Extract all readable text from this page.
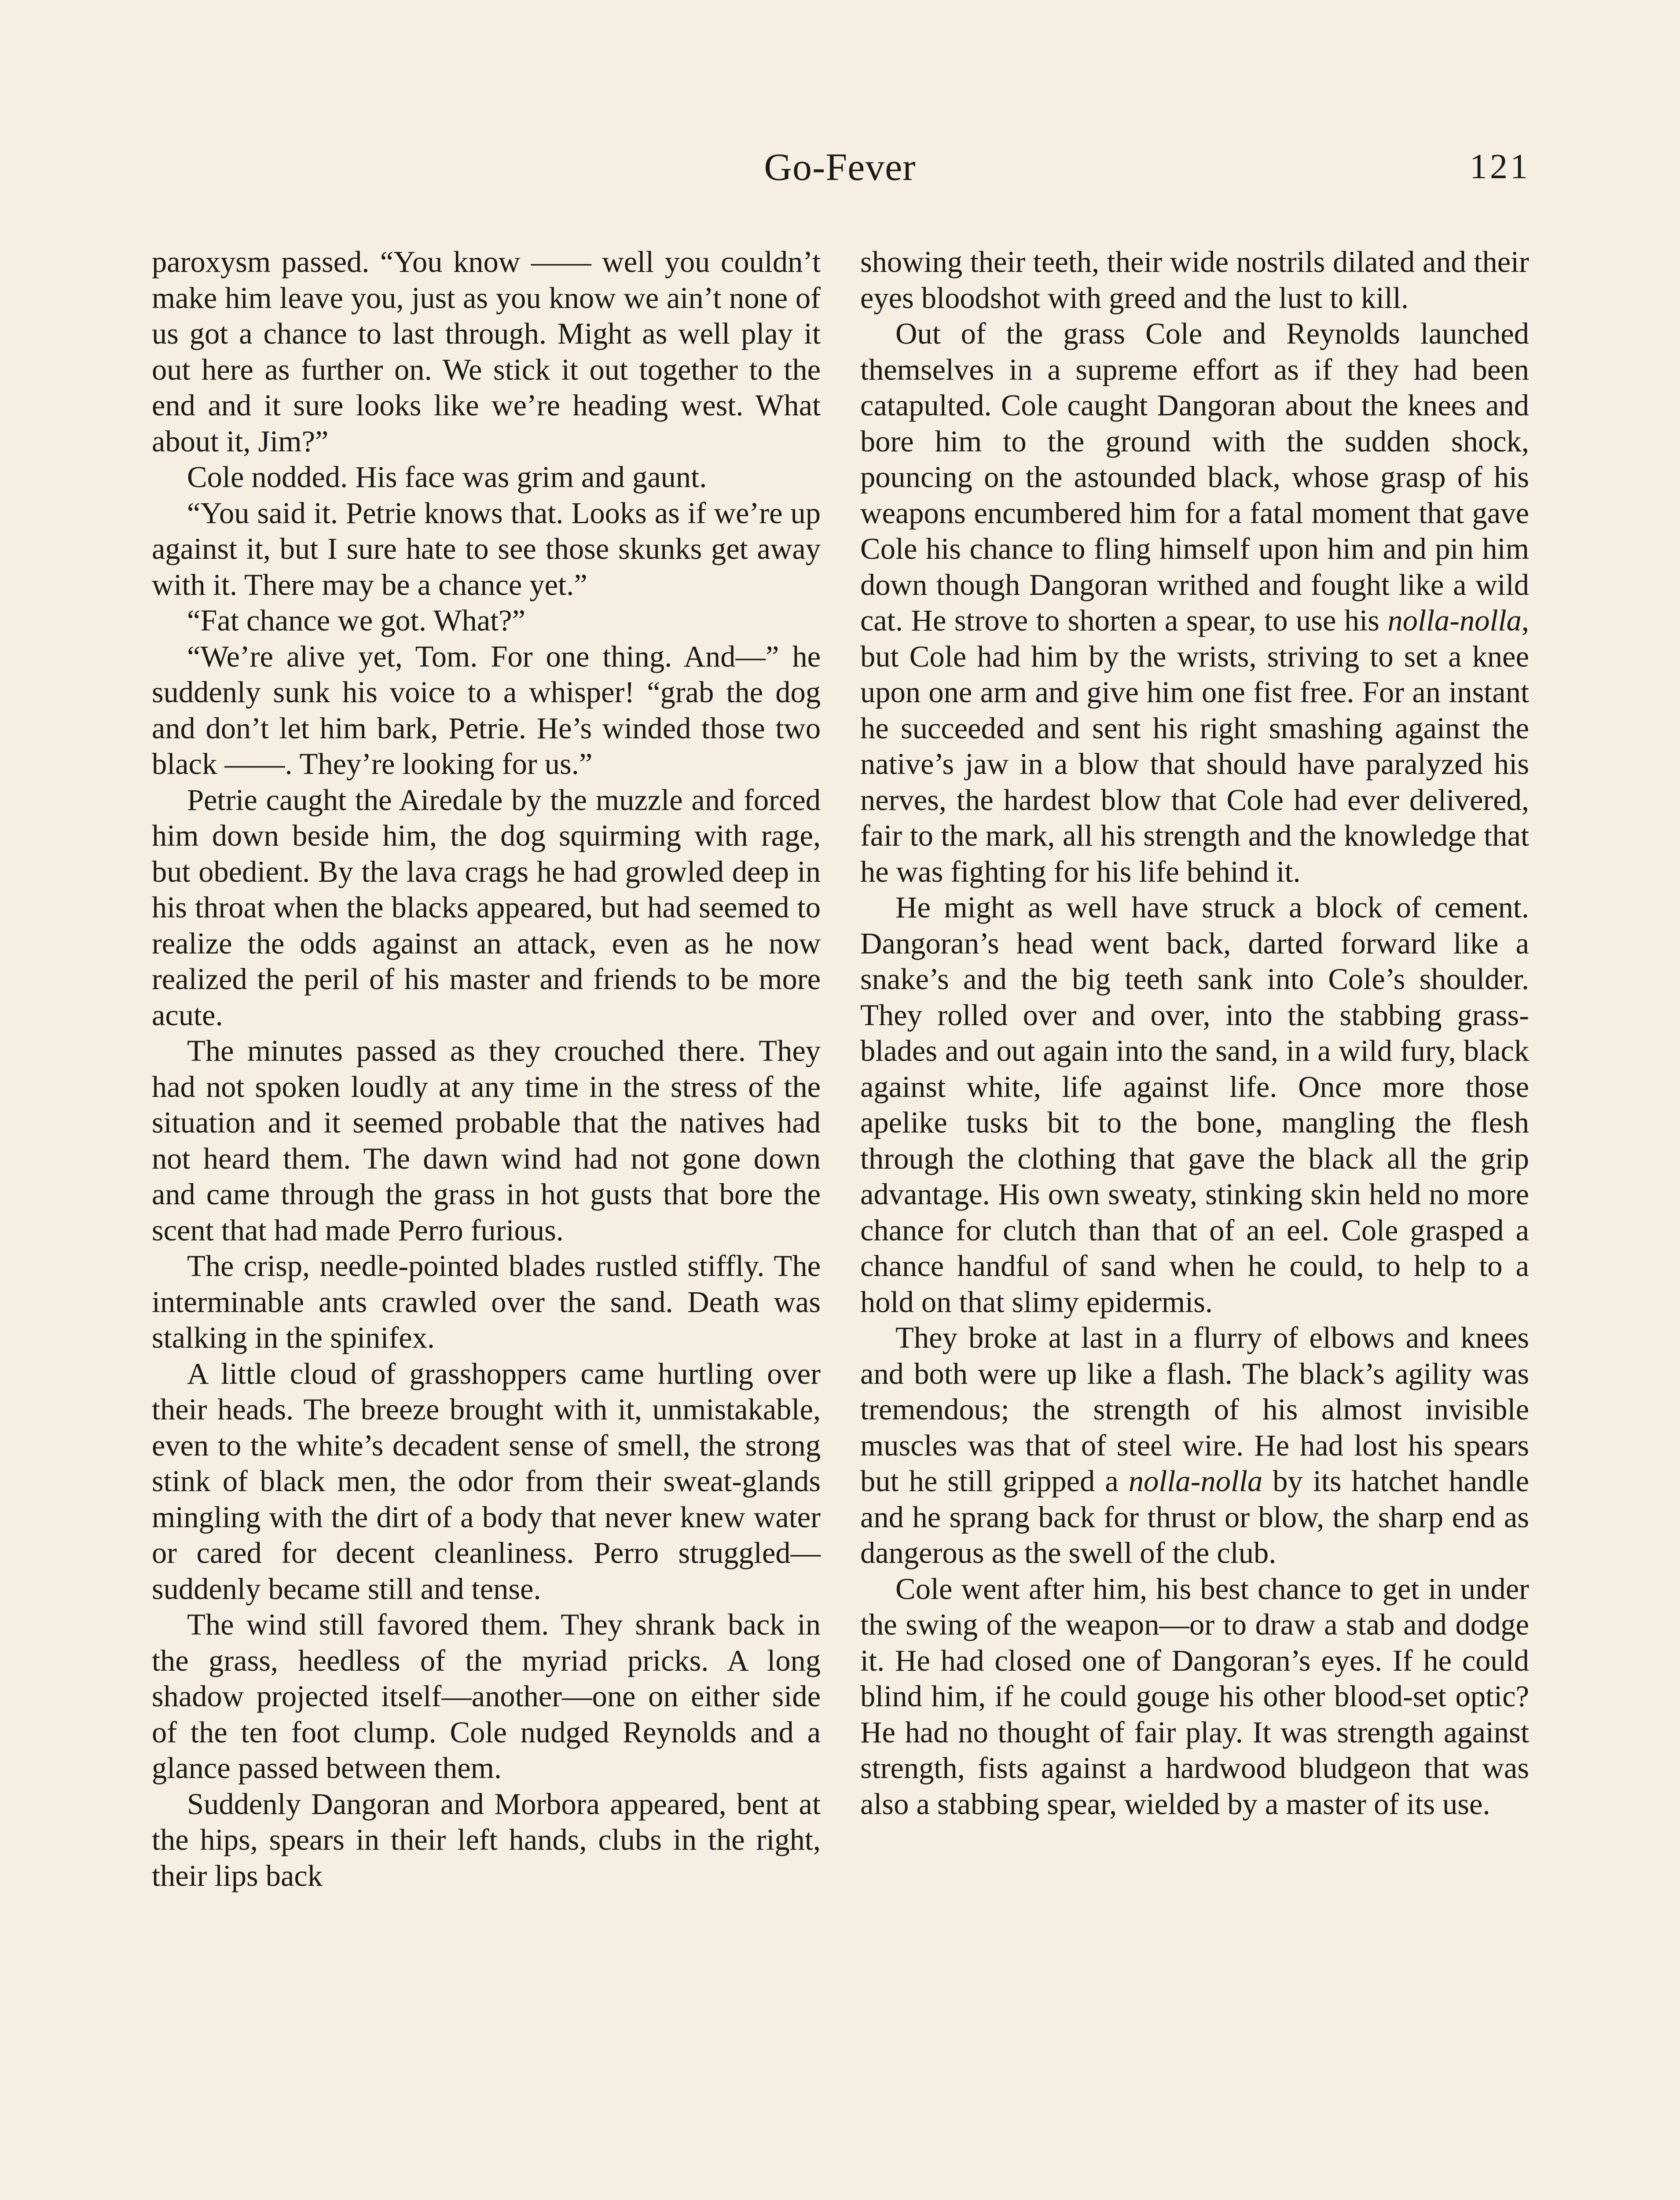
Go-Fever	121

paroxysm passed. “You know —— well you couldn’t make him leave you, just as you know we ain’t none of us got a chance to last through. Might as well play it out here as further on. We stick it out together to the end and it sure looks like we’re heading west. What about it, Jim?”

Cole nodded. His face was grim and gaunt.

“You said it. Petrie knows that. Looks as if we’re up against it, but I sure hate to see those skunks get away with it. There may be a chance yet.”

“Fat chance we got. What?”

“We’re alive yet, Tom. For one thing. And—” he suddenly sunk his voice to a whisper! “grab the dog and don’t let him bark, Petrie. He’s winded those two black ——. They’re looking for us.”

Petrie caught the Airedale by the muzzle and forced him down beside him, the dog squirming with rage, but obedient. By the lava crags he had growled deep in his throat when the blacks appeared, but had seemed to realize the odds against an attack, even as he now realized the peril of his master and friends to be more acute.

The minutes passed as they crouched there. They had not spoken loudly at any time in the stress of the situation and it seemed probable that the natives had not heard them. The dawn wind had not gone down and came through the grass in hot gusts that bore the scent that had made Perro furious.

The crisp, needle-pointed blades rustled stiffly. The interminable ants crawled over the sand. Death was stalking in the spinifex.

A little cloud of grasshoppers came hurtling over their heads. The breeze brought with it, unmistakable, even to the white’s decadent sense of smell, the strong stink of black men, the odor from their sweat-glands mingling with the dirt of a body that never knew water or cared for decent cleanliness. Perro struggled—suddenly became still and tense.

The wind still favored them. They shrank back in the grass, heedless of the myriad pricks. A long shadow projected itself—another—one on either side of the ten foot clump. Cole nudged Reynolds and a glance passed between them.

Suddenly Dangoran and Morbora appeared, bent at the hips, spears in their left hands, clubs in the right, their lips back

showing their teeth, their wide nostrils dilated and their eyes bloodshot with greed and the lust to kill.

Out of the grass Cole and Reynolds launched themselves in a supreme effort as if they had been catapulted. Cole caught Dangoran about the knees and bore him to the ground with the sudden shock, pouncing on the astounded black, whose grasp of his weapons encumbered him for a fatal moment that gave Cole his chance to fling himself upon him and pin him down though Dangoran writhed and fought like a wild cat. He strove to shorten a spear, to use his nolla-nolla, but Cole had him by the wrists, striving to set a knee upon one arm and give him one fist free. For an instant he succeeded and sent his right smashing against the native’s jaw in a blow that should have paralyzed his nerves, the hardest blow that Cole had ever delivered, fair to the mark, all his strength and the knowledge that he was fighting for his life behind it.

He might as well have struck a block of cement. Dangoran’s head went back, darted forward like a snake’s and the big teeth sank into Cole’s shoulder. They rolled over and over, into the stabbing grass-blades and out again into the sand, in a wild fury, black against white, life against life. Once more those apelike tusks bit to the bone, mangling the flesh through the clothing that gave the black all the grip advantage. His own sweaty, stinking skin held no more chance for clutch than that of an eel. Cole grasped a chance handful of sand when he could, to help to a hold on that slimy epidermis.

They broke at last in a flurry of elbows and knees and both were up like a flash. The black’s agility was tremendous; the strength of his almost invisible muscles was that of steel wire. He had lost his spears but he still gripped a nolla-nolla by its hatchet handle and he sprang back for thrust or blow, the sharp end as dangerous as the swell of the club.

Cole went after him, his best chance to get in under the swing of the weapon—or to draw a stab and dodge it. He had closed one of Dangoran’s eyes. If he could blind him, if he could gouge his other blood-set optic? He had no thought of fair play. It was strength against strength, fists against a hardwood bludgeon that was also a stabbing spear, wielded by a master of its use.
